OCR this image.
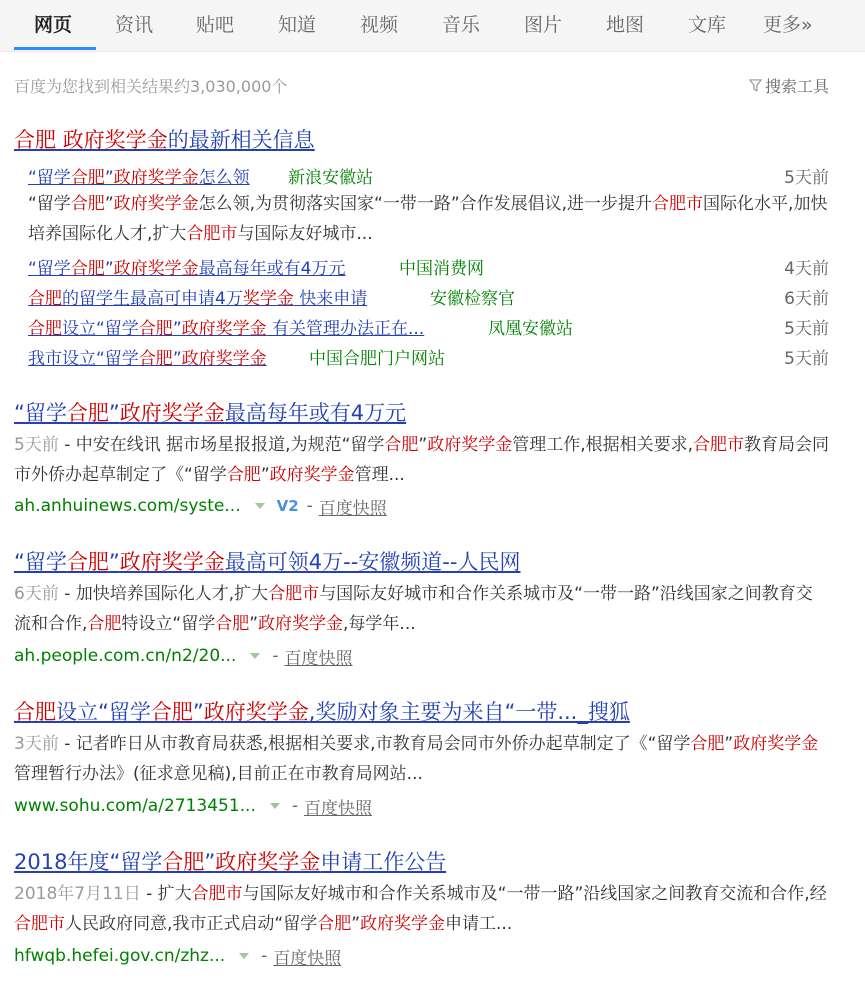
网页 资讯 贴吧 知道 视频 音乐 图片 地图 文库 更多»
百度为您找到相关结果约3,030,000个	搜索工具
合肥 政府奖学金的最新相关信息
“留学合肥”政府奖学金怎么领 新浪安徽站	5天前
“留学合肥”政府奖学金怎么领,为贯彻落实国家“一带一路”合作发展倡议,进一步提升合肥市国际化水平,加快培养国际化人才,扩大合肥市与国际友好城市...
“留学合肥”政府奖学金最高每年或有4万元	中国消费网	4天前
合肥的留学生最高可申请4万奖学金 快来申请	安徽检察官	6天前
合肥设立“留学合肥”政府奖学金 有关管理办法正在...	凤凰安徽站	5天前
我市设立“留学合肥”政府奖学金 中国合肥门户网站	5天前
“留学合肥”政府奖学金最高每年或有4万元
5天前 - 中安在线讯 据市场星报报道,为规范“留学合肥”政府奖学金管理工作,根据相关要求,合肥市教育局会同市外侨办起草制定了《“留学合肥”政府奖学金管理...
ah.anhuinews.com/syste... V2 - 百度快照
“留学合肥”政府奖学金最高可领4万--安徽频道--人民网
6天前 - 加快培养国际化人才,扩大合肥市与国际友好城市和合作关系城市及“一带一路”沿线国家之间教育交流和合作,合肥特设立“留学合肥”政府奖学金,每学年...
ah.people.com.cn/n2/20... - 百度快照
合肥设立“留学合肥”政府奖学金,奖励对象主要为来自“一带..._搜狐
3天前 - 记者昨日从市教育局获悉,根据相关要求,市教育局会同市外侨办起草制定了《“留学合肥”政府奖学金管理暂行办法》(征求意见稿),目前正在市教育局网站...
www.sohu.com/a/2713451... - 百度快照
2018年度“留学合肥”政府奖学金申请工作公告
2018年7月11日 - 扩大合肥市与国际友好城市和合作关系城市及“一带一路”沿线国家之间教育交流和合作,经合肥市人民政府同意,我市正式启动“留学合肥”政府奖学金申请工...
hfwqb.hefei.gov.cn/zhz... - 百度快照
